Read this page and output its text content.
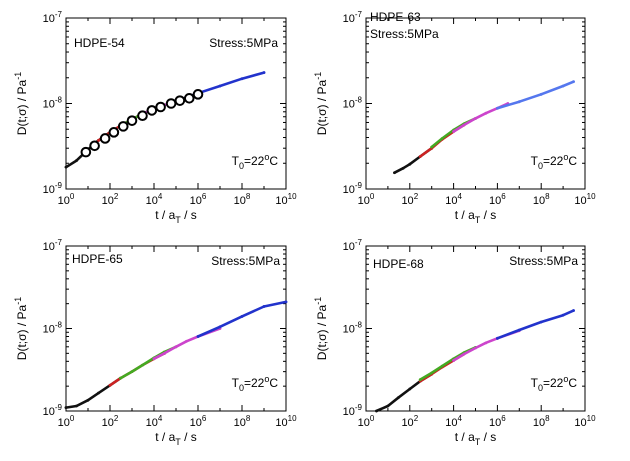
$10^0$ $10^2$ $10^4$ $10^6$ $10^8$ $10^{10}$
$10^{-9}$
$10^{-8}$
$10^{-7}$
t / $a_T$ / s
D(t;σ) / $Pa^{-1}$
HDPE-54	Stress:5MPa
$T_0=22^oC$
$10^0$ $10^2$ $10^4$ $10^6$ $10^8$ $10^{10}$
$10^{-9}$
$10^{-8}$
$10^{-7}$
t / $a_T$ / s
D(t;σ) / $Pa^{-1}$
HDPE-63
Stress:5MPa
$T_0=22^oC$
$10^0$ $10^2$ $10^4$ $10^6$ $10^8$ $10^{10}$
$10^{-9}$
$10^{-8}$
$10^{-7}$
t / $a_T$ / s
D(t;σ) / $Pa^{-1}$
HDPE-65	Stress:5MPa
$T_0=22^oC$
$10^0$ $10^2$ $10^4$ $10^6$ $10^8$ $10^{10}$
$10^{-9}$
$10^{-8}$
$10^{-7}$
t / $a_T$ / s
D(t;σ) / $Pa^{-1}$
HDPE-68	Stress:5MPa
$T_0=22^oC$
